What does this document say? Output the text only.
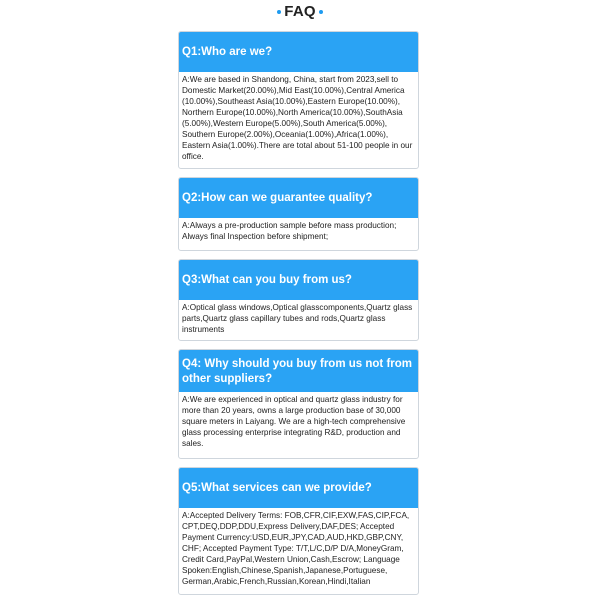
FAQ
Q1:Who are we?
A:We are based in Shandong, China, start from 2023,sell to Domestic Market(20.00%),Mid East(10.00%),Central America (10.00%),Southeast Asia(10.00%),Eastern Europe(10.00%), Northern Europe(10.00%),North America(10.00%),SouthAsia (5.00%),Western Europe(5.00%),South America(5.00%), Southern Europe(2.00%),Oceania(1.00%),Africa(1.00%), Eastern Asia(1.00%).There are total about 51-100 people in our office.
Q2:How can we guarantee quality?
A:Always a pre-production sample before mass production; Always final Inspection before shipment;
Q3:What can you buy from us?
A:Optical glass windows,Optical glasscomponents,Quartz glass parts,Quartz glass capillary tubes and rods,Quartz glass instruments
Q4: Why should you buy from us not from other suppliers?
A:We are experienced in optical and quartz glass industry for more than 20 years, owns a large production base of 30,000 square meters in Laiyang. We are a high-tech comprehensive glass processing enterprise integrating R&D, production and sales.
Q5:What services can we provide?
A:Accepted Delivery Terms: FOB,CFR,CIF,EXW,FAS,CIP,FCA, CPT,DEQ,DDP,DDU,Express Delivery,DAF,DES; Accepted Payment Currency:USD,EUR,JPY,CAD,AUD,HKD,GBP,CNY, CHF; Accepted Payment Type: T/T,L/C,D/P D/A,MoneyGram, Credit Card,PayPal,Western Union,Cash,Escrow; Language Spoken:English,Chinese,Spanish,Japanese,Portuguese, German,Arabic,French,Russian,Korean,Hindi,Italian
